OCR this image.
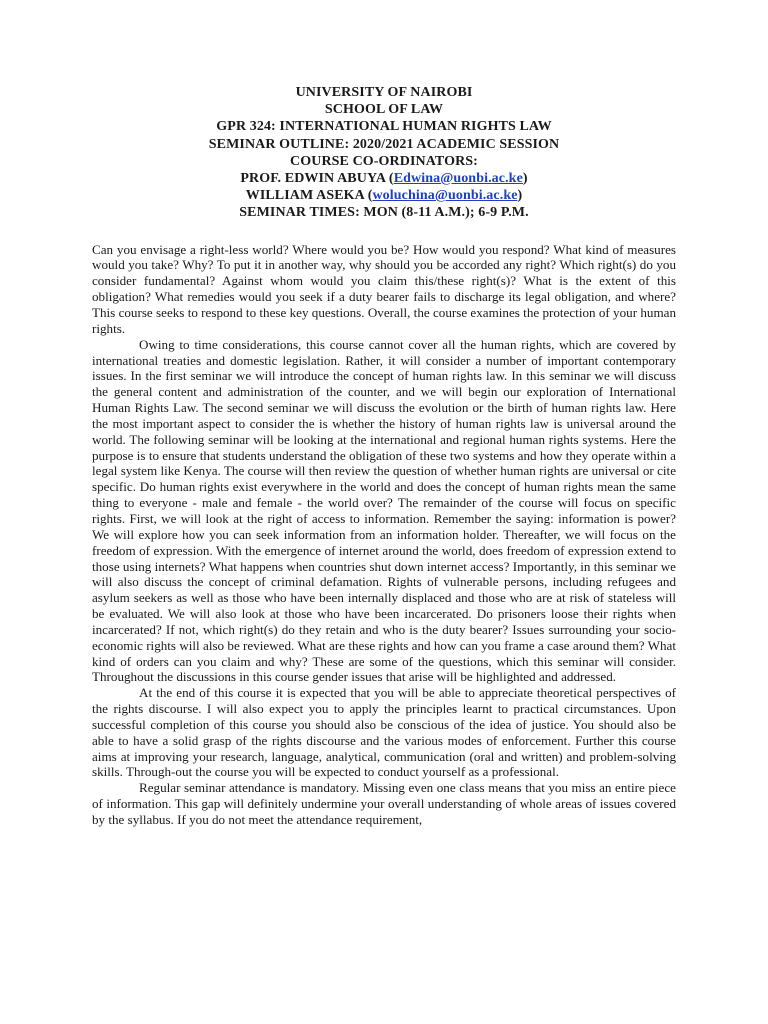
UNIVERSITY OF NAIROBI
SCHOOL OF LAW
GPR 324: INTERNATIONAL HUMAN RIGHTS LAW
SEMINAR OUTLINE: 2020/2021 ACADEMIC SESSION
COURSE CO-ORDINATORS:
PROF. EDWIN ABUYA (Edwina@uonbi.ac.ke)
WILLIAM ASEKA (woluchina@uonbi.ac.ke)
SEMINAR TIMES: MON (8-11 A.M.); 6-9 P.M.

Can you envisage a right-less world? Where would you be? How would you respond? What kind of measures would you take? Why? To put it in another way, why should you be accorded any right? Which right(s) do you consider fundamental? Against whom would you claim this/these right(s)? What is the extent of this obligation? What remedies would you seek if a duty bearer fails to discharge its legal obligation, and where? This course seeks to respond to these key questions. Overall, the course examines the protection of your human rights.

Owing to time considerations, this course cannot cover all the human rights, which are covered by international treaties and domestic legislation. Rather, it will consider a number of important contemporary issues. In the first seminar we will introduce the concept of human rights law. In this seminar we will discuss the general content and administration of the counter, and we will begin our exploration of International Human Rights Law. The second seminar we will discuss the evolution or the birth of human rights law. Here the most important aspect to consider the is whether the history of human rights law is universal around the world. The following seminar will be looking at the international and regional human rights systems. Here the purpose is to ensure that students understand the obligation of these two systems and how they operate within a legal system like Kenya. The course will then review the question of whether human rights are universal or cite specific. Do human rights exist everywhere in the world and does the concept of human rights mean the same thing to everyone - male and female - the world over? The remainder of the course will focus on specific rights. First, we will look at the right of access to information. Remember the saying: information is power? We will explore how you can seek information from an information holder. Thereafter, we will focus on the freedom of expression. With the emergence of internet around the world, does freedom of expression extend to those using internets? What happens when countries shut down internet access? Importantly, in this seminar we will also discuss the concept of criminal defamation. Rights of vulnerable persons, including refugees and asylum seekers as well as those who have been internally displaced and those who are at risk of stateless will be evaluated. We will also look at those who have been incarcerated. Do prisoners loose their rights when incarcerated? If not, which right(s) do they retain and who is the duty bearer? Issues surrounding your socio-economic rights will also be reviewed. What are these rights and how can you frame a case around them? What kind of orders can you claim and why? These are some of the questions, which this seminar will consider. Throughout the discussions in this course gender issues that arise will be highlighted and addressed.

At the end of this course it is expected that you will be able to appreciate theoretical perspectives of the rights discourse. I will also expect you to apply the principles learnt to practical circumstances. Upon successful completion of this course you should also be conscious of the idea of justice. You should also be able to have a solid grasp of the rights discourse and the various modes of enforcement. Further this course aims at improving your research, language, analytical, communication (oral and written) and problem-solving skills. Through-out the course you will be expected to conduct yourself as a professional.

Regular seminar attendance is mandatory. Missing even one class means that you miss an entire piece of information. This gap will definitely undermine your overall understanding of whole areas of issues covered by the syllabus. If you do not meet the attendance requirement,
